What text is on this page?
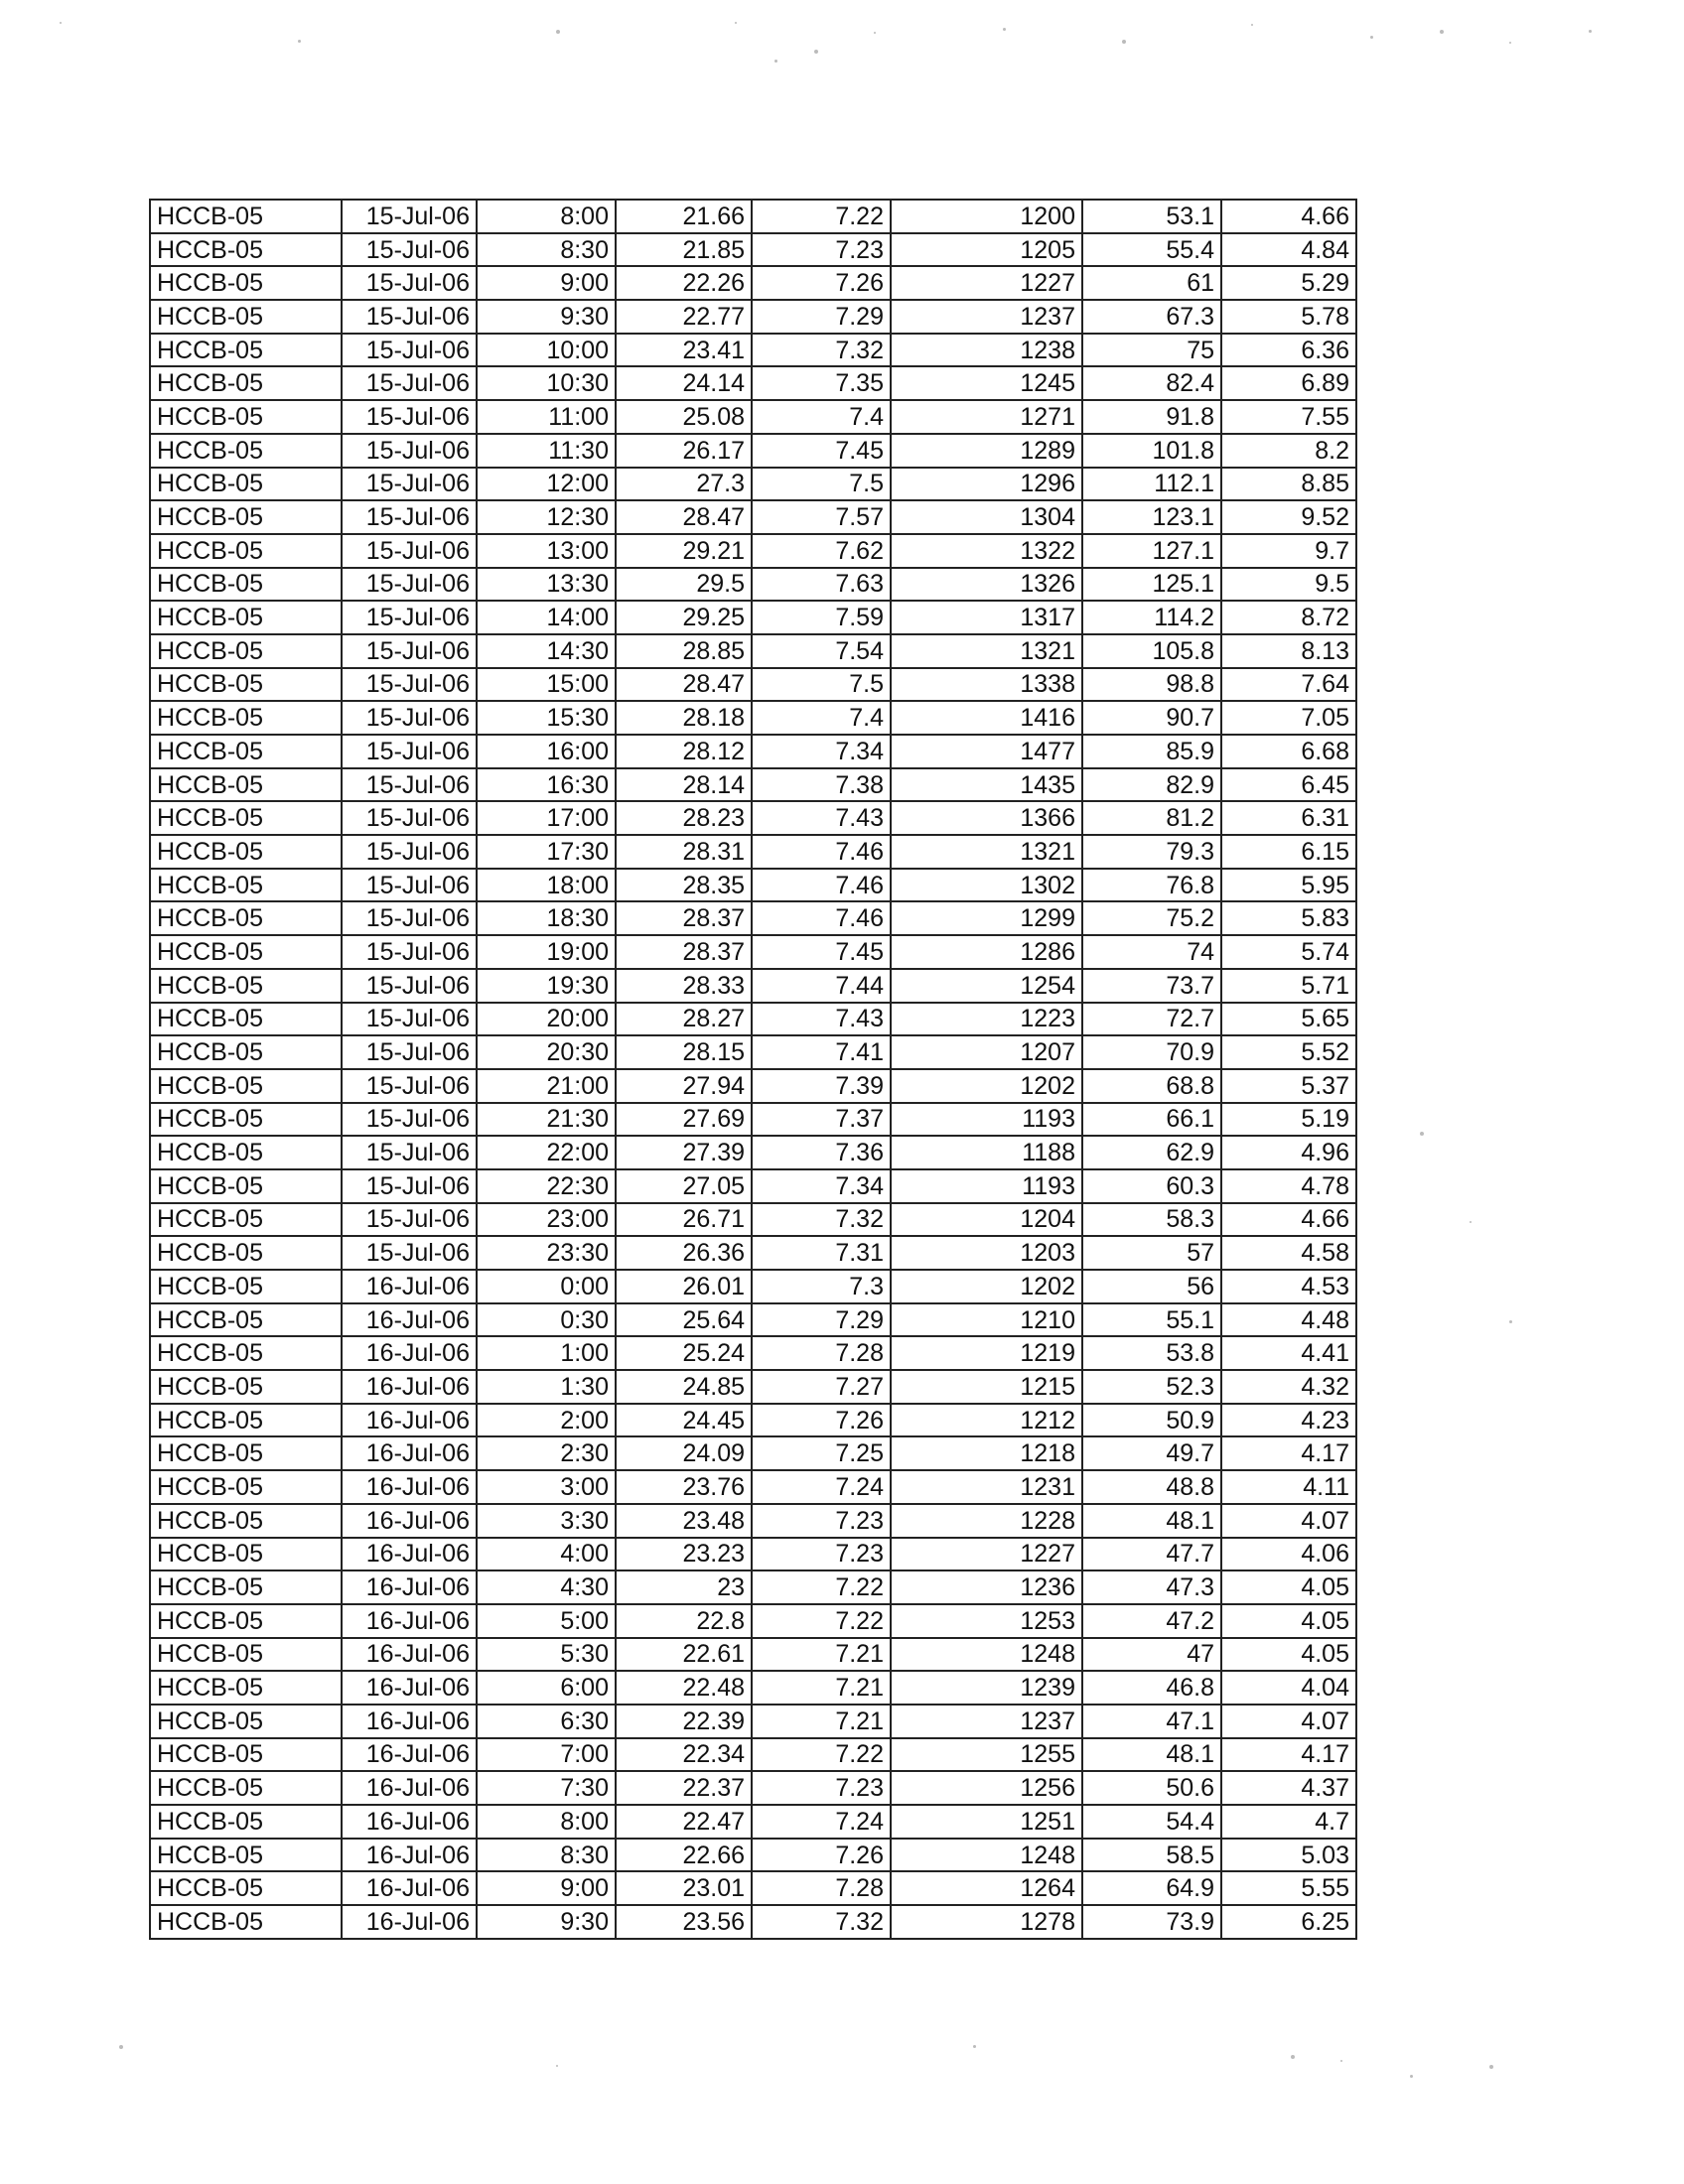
HCCB-05	15-Jul-06	8:00	21.66	7.22	1200	53.1	4.66
HCCB-05	15-Jul-06	8:30	21.85	7.23	1205	55.4	4.84
HCCB-05	15-Jul-06	9:00	22.26	7.26	1227	61	5.29
HCCB-05	15-Jul-06	9:30	22.77	7.29	1237	67.3	5.78
HCCB-05	15-Jul-06	10:00	23.41	7.32	1238	75	6.36
HCCB-05	15-Jul-06	10:30	24.14	7.35	1245	82.4	6.89
HCCB-05	15-Jul-06	11:00	25.08	7.4	1271	91.8	7.55
HCCB-05	15-Jul-06	11:30	26.17	7.45	1289	101.8	8.2
HCCB-05	15-Jul-06	12:00	27.3	7.5	1296	112.1	8.85
HCCB-05	15-Jul-06	12:30	28.47	7.57	1304	123.1	9.52
HCCB-05	15-Jul-06	13:00	29.21	7.62	1322	127.1	9.7
HCCB-05	15-Jul-06	13:30	29.5	7.63	1326	125.1	9.5
HCCB-05	15-Jul-06	14:00	29.25	7.59	1317	114.2	8.72
HCCB-05	15-Jul-06	14:30	28.85	7.54	1321	105.8	8.13
HCCB-05	15-Jul-06	15:00	28.47	7.5	1338	98.8	7.64
HCCB-05	15-Jul-06	15:30	28.18	7.4	1416	90.7	7.05
HCCB-05	15-Jul-06	16:00	28.12	7.34	1477	85.9	6.68
HCCB-05	15-Jul-06	16:30	28.14	7.38	1435	82.9	6.45
HCCB-05	15-Jul-06	17:00	28.23	7.43	1366	81.2	6.31
HCCB-05	15-Jul-06	17:30	28.31	7.46	1321	79.3	6.15
HCCB-05	15-Jul-06	18:00	28.35	7.46	1302	76.8	5.95
HCCB-05	15-Jul-06	18:30	28.37	7.46	1299	75.2	5.83
HCCB-05	15-Jul-06	19:00	28.37	7.45	1286	74	5.74
HCCB-05	15-Jul-06	19:30	28.33	7.44	1254	73.7	5.71
HCCB-05	15-Jul-06	20:00	28.27	7.43	1223	72.7	5.65
HCCB-05	15-Jul-06	20:30	28.15	7.41	1207	70.9	5.52
HCCB-05	15-Jul-06	21:00	27.94	7.39	1202	68.8	5.37
HCCB-05	15-Jul-06	21:30	27.69	7.37	1193	66.1	5.19
HCCB-05	15-Jul-06	22:00	27.39	7.36	1188	62.9	4.96
HCCB-05	15-Jul-06	22:30	27.05	7.34	1193	60.3	4.78
HCCB-05	15-Jul-06	23:00	26.71	7.32	1204	58.3	4.66
HCCB-05	15-Jul-06	23:30	26.36	7.31	1203	57	4.58
HCCB-05	16-Jul-06	0:00	26.01	7.3	1202	56	4.53
HCCB-05	16-Jul-06	0:30	25.64	7.29	1210	55.1	4.48
HCCB-05	16-Jul-06	1:00	25.24	7.28	1219	53.8	4.41
HCCB-05	16-Jul-06	1:30	24.85	7.27	1215	52.3	4.32
HCCB-05	16-Jul-06	2:00	24.45	7.26	1212	50.9	4.23
HCCB-05	16-Jul-06	2:30	24.09	7.25	1218	49.7	4.17
HCCB-05	16-Jul-06	3:00	23.76	7.24	1231	48.8	4.11
HCCB-05	16-Jul-06	3:30	23.48	7.23	1228	48.1	4.07
HCCB-05	16-Jul-06	4:00	23.23	7.23	1227	47.7	4.06
HCCB-05	16-Jul-06	4:30	23	7.22	1236	47.3	4.05
HCCB-05	16-Jul-06	5:00	22.8	7.22	1253	47.2	4.05
HCCB-05	16-Jul-06	5:30	22.61	7.21	1248	47	4.05
HCCB-05	16-Jul-06	6:00	22.48	7.21	1239	46.8	4.04
HCCB-05	16-Jul-06	6:30	22.39	7.21	1237	47.1	4.07
HCCB-05	16-Jul-06	7:00	22.34	7.22	1255	48.1	4.17
HCCB-05	16-Jul-06	7:30	22.37	7.23	1256	50.6	4.37
HCCB-05	16-Jul-06	8:00	22.47	7.24	1251	54.4	4.7
HCCB-05	16-Jul-06	8:30	22.66	7.26	1248	58.5	5.03
HCCB-05	16-Jul-06	9:00	23.01	7.28	1264	64.9	5.55
HCCB-05	16-Jul-06	9:30	23.56	7.32	1278	73.9	6.25
